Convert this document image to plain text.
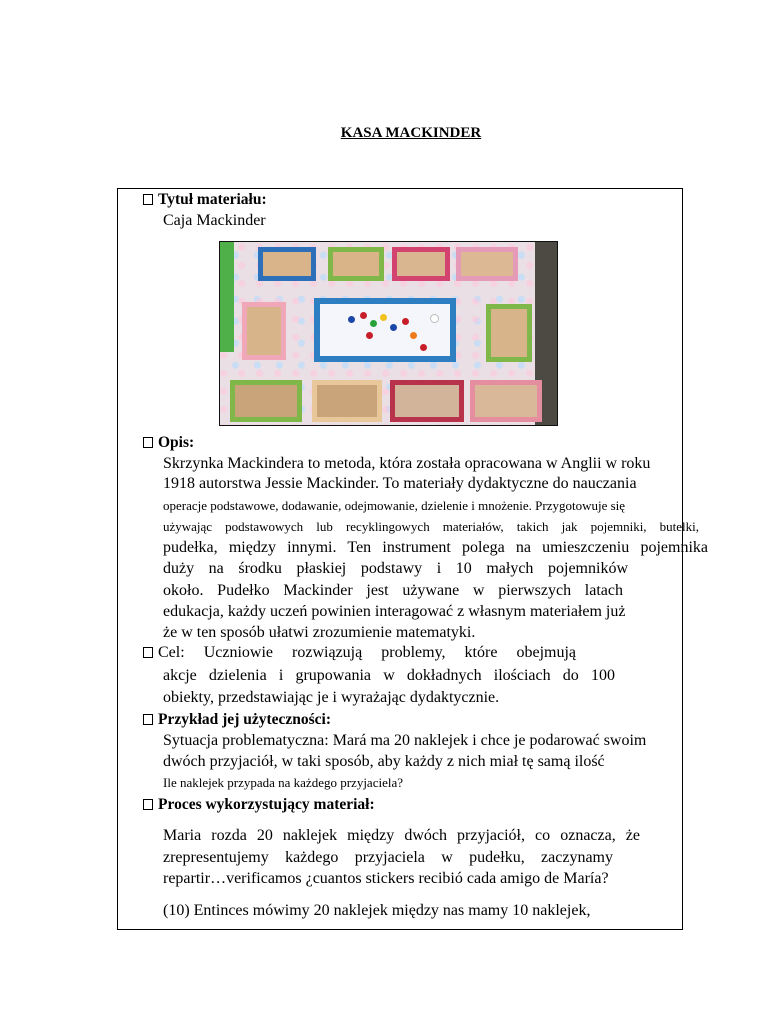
KASA MACKINDER
Tytuł materiału:
Caja Mackinder
Opis:
Skrzynka Mackindera to metoda, która została opracowana w Anglii w roku
1918 autorstwa Jessie Mackinder. To materiały dydaktyczne do nauczania
operacje podstawowe, dodawanie, odejmowanie, dzielenie i mnożenie. Przygotowuje się
używając podstawowych lub recyklingowych materiałów, takich jak pojemniki, butelki,
pudełka, między innymi. Ten instrument polega na umieszczeniu pojemnika
duży na środku płaskiej podstawy i 10 małych pojemników
około. Pudełko Mackinder jest używane w pierwszych latach
edukacja, każdy uczeń powinien interagować z własnym materiałem już
że w ten sposób ułatwi zrozumienie matematyki.
Cel: Uczniowie rozwiązują problemy, które obejmują
akcje dzielenia i grupowania w dokładnych ilościach do 100
obiekty, przedstawiając je i wyrażając dydaktycznie.
Przykład jej użyteczności:
Sytuacja problematyczna: Mará ma 20 naklejek i chce je podarować swoim
dwóch przyjaciół, w taki sposób, aby każdy z nich miał tę samą ilość
Ile naklejek przypada na każdego przyjaciela?
Proces wykorzystujący materiał:
Maria rozda 20 naklejek między dwóch przyjaciół, co oznacza, że
zrepresentujemy każdego przyjaciela w pudełku, zaczynamy
repartir…verificamos ¿cuantos stickers recibió cada amigo de María?
(10) Entinces mówimy 20 naklejek między nas mamy 10 naklejek,
